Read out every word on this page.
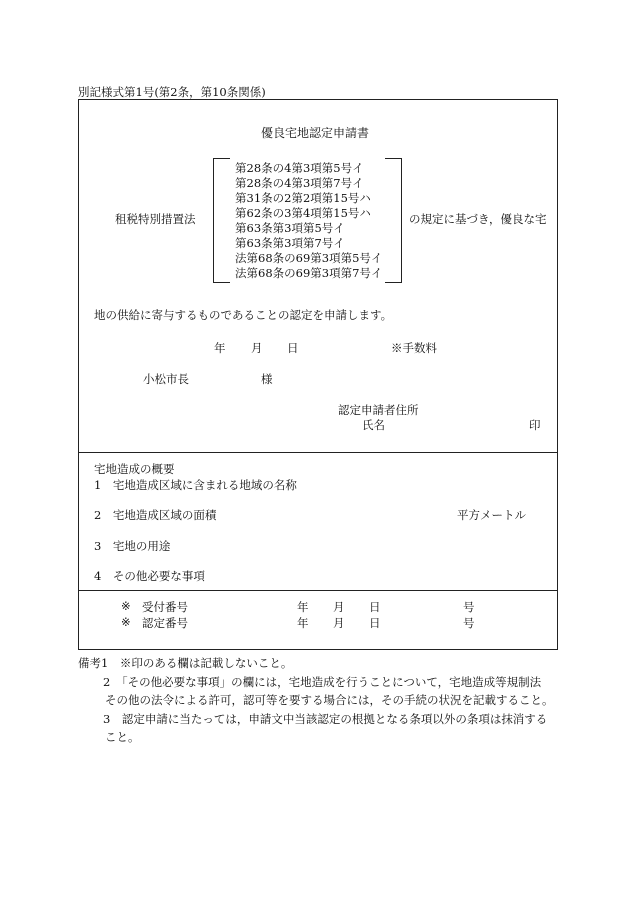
別記様式第1号(第2条，第10条関係)
優良宅地認定申請書
租税特別措置法
第28条の4第3項第5号イ
第28条の4第3項第7号イ
第31条の2第2項第15号ハ
第62条の3第4項第15号ハ
第63条第3項第5号イ
第63条第3項第7号イ
法第68条の69第3項第5号イ
法第68条の69第3項第7号イ
の規定に基づき，優良な宅
地の供給に寄与するものであることの認定を申請します。
年 月 日	※手数料
小松市長	様
認定申請者住所
氏名	印
宅地造成の概要
1　宅地造成区域に含まれる地域の名称
2　宅地造成区域の面積	平方メートル
3　宅地の用途
4　その他必要な事項
※ 受付番号	年 月 日	号
※ 認定番号	年 月 日	号
備考1　※印のある欄は記載しないこと。
2　「その他必要な事項」の欄には，宅地造成を行うことについて，宅地造成等規制法
その他の法令による許可，認可等を要する場合には，その手続の状況を記載すること。
3　認定申請に当たっては，申請文中当該認定の根拠となる条項以外の条項は抹消する
こと。
